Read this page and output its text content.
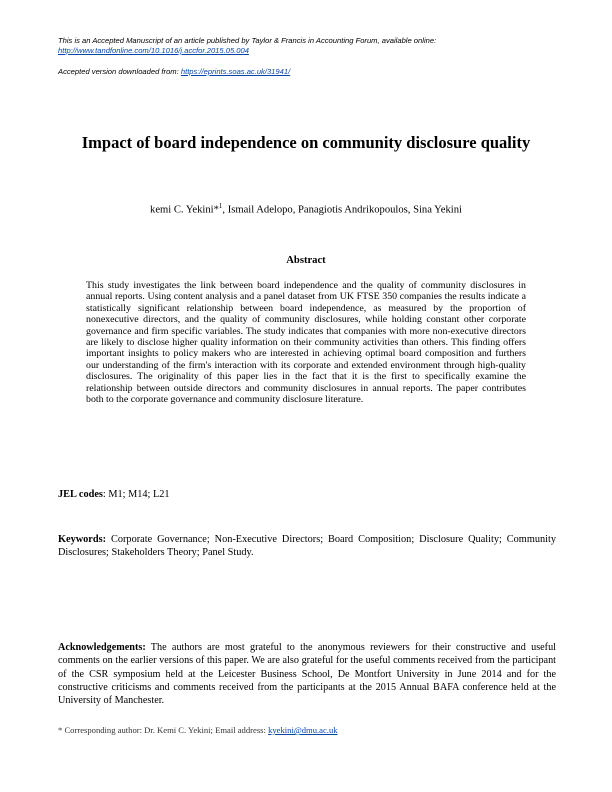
This is an Accepted Manuscript of an article published by Taylor & Francis in Accounting Forum, available online:
http://www.tandfonline.com/10.1016/j.accfor.2015.05.004
Accepted version downloaded from: https://eprints.soas.ac.uk/31941/
Impact of board independence on community disclosure quality
kemi C. Yekini*$^1$, Ismail Adelopo, Panagiotis Andrikopoulos, Sina Yekini
Abstract
This study investigates the link between board independence and the quality of community disclosures in annual reports. Using content analysis and a panel dataset from UK FTSE 350 companies the results indicate a statistically significant relationship between board independence, as measured by the proportion of nonexecutive directors, and the quality of community disclosures, while holding constant other corporate governance and firm specific variables. The study indicates that companies with more non-executive directors are likely to disclose higher quality information on their community activities than others. This finding offers important insights to policy makers who are interested in achieving optimal board composition and furthers our understanding of the firm's interaction with its corporate and extended environment through high-quality disclosures. The originality of this paper lies in the fact that it is the first to specifically examine the relationship between outside directors and community disclosures in annual reports. The paper contributes both to the corporate governance and community disclosure literature.
JEL codes: M1; M14; L21
Keywords: Corporate Governance; Non-Executive Directors; Board Composition; Disclosure Quality; Community Disclosures; Stakeholders Theory; Panel Study.
Acknowledgements: The authors are most grateful to the anonymous reviewers for their constructive and useful comments on the earlier versions of this paper. We are also grateful for the useful comments received from the participant of the CSR symposium held at the Leicester Business School, De Montfort University in June 2014 and for the constructive criticisms and comments received from the participants at the 2015 Annual BAFA conference held at the University of Manchester.
* Corresponding author: Dr. Kemi C. Yekini; Email address: kyekini@dmu.ac.uk
